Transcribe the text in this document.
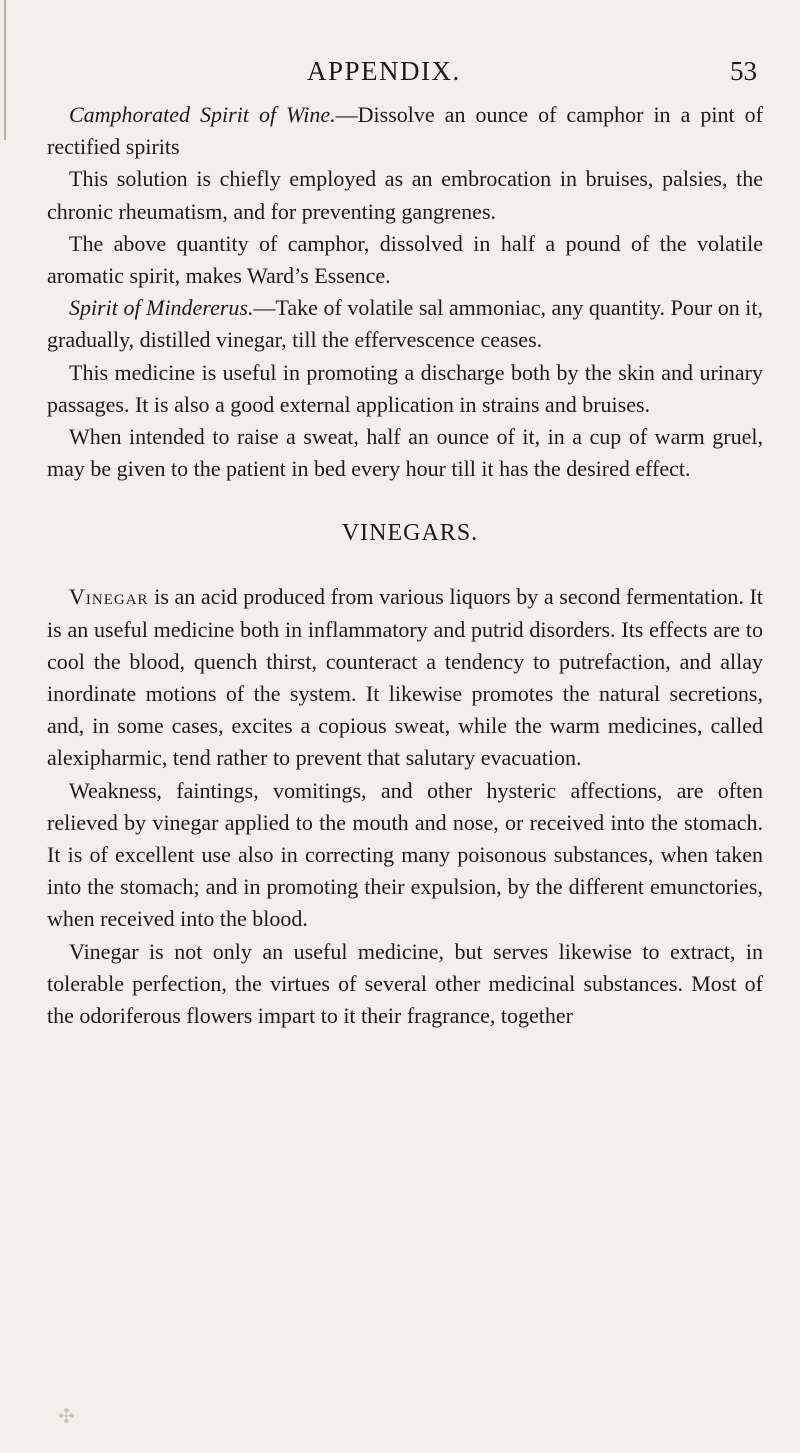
APPENDIX.	53

Camphorated Spirit of Wine.—Dissolve an ounce of camphor in a pint of rectified spirits

This solution is chiefly employed as an embrocation in bruises, palsies, the chronic rheumatism, and for preventing gangrenes.

The above quantity of camphor, dissolved in half a pound of the volatile aromatic spirit, makes Ward’s Essence.

Spirit of Mindererus.—Take of volatile sal ammoniac, any quantity. Pour on it, gradually, distilled vinegar, till the effervescence ceases.

This medicine is useful in promoting a discharge both by the skin and urinary passages. It is also a good external application in strains and bruises.

When intended to raise a sweat, half an ounce of it, in a cup of warm gruel, may be given to the patient in bed every hour till it has the desired effect.

VINEGARS.

Vinegar is an acid produced from various liquors by a second fermentation. It is an useful medicine both in inflammatory and putrid disorders. Its effects are to cool the blood, quench thirst, counteract a tendency to putrefaction, and allay inordinate motions of the system. It likewise promotes the natural secretions, and, in some cases, excites a copious sweat, while the warm medicines, called alexipharmic, tend rather to prevent that salutary evacuation.

Weakness, faintings, vomitings, and other hysteric affections, are often relieved by vinegar applied to the mouth and nose, or received into the stomach. It is of excellent use also in correcting many poisonous substances, when taken into the stomach; and in promoting their expulsion, by the different emunctories, when received into the blood.

Vinegar is not only an useful medicine, but serves likewise to extract, in tolerable perfection, the virtues of several other medicinal substances. Most of the odoriferous flowers impart to it their fragrance, together

✣
